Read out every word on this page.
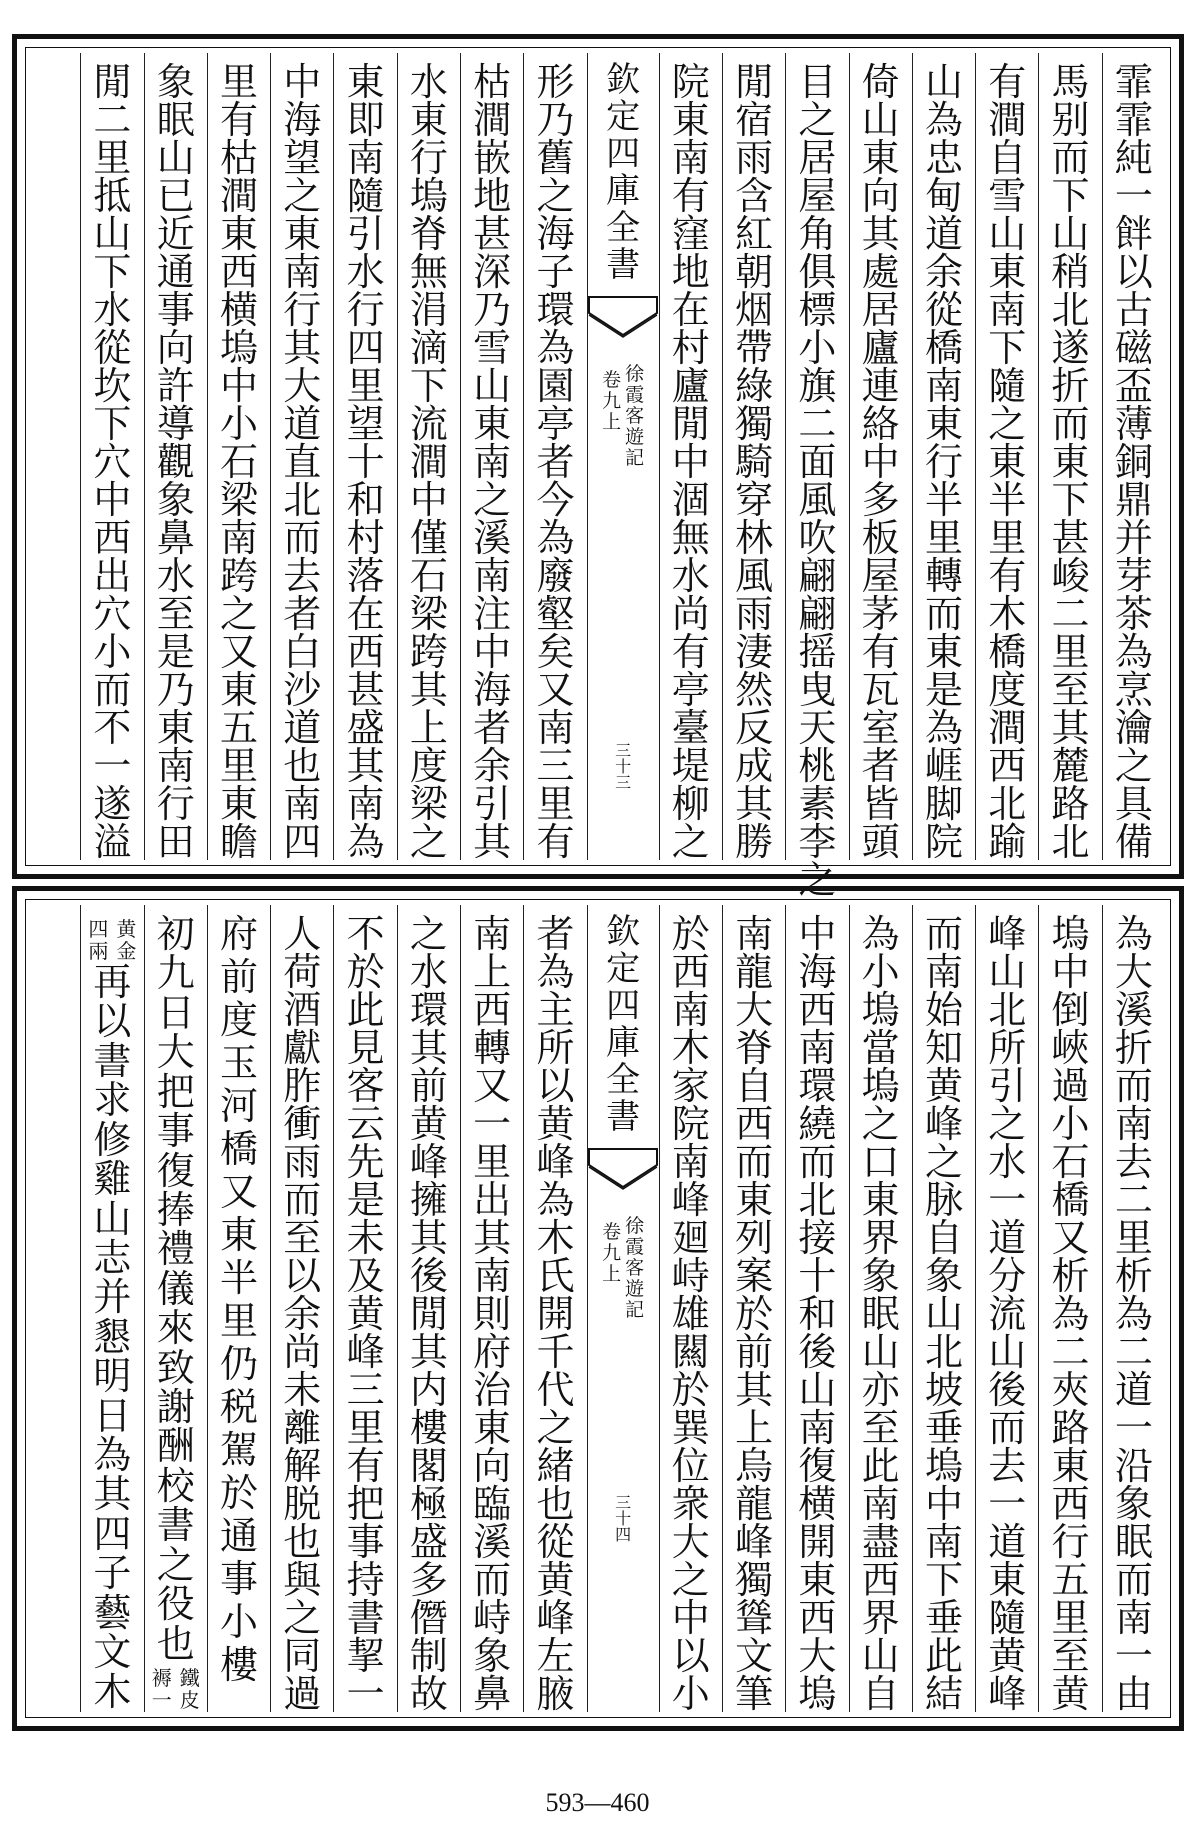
霏
霏
純
一
䬳
以
古
磁
盃
薄
銅
鼎
并
芽
茶
為
烹
瀹
之
具
備
馬
别
而
下
山
稍
北
遂
折
而
東
下
甚
峻
二
里
至
其
麓
路
北
有
澗
自
雪
山
東
南
下
隨
之
東
半
里
有
木
橋
度
澗
西
北
踰
山
為
忠
甸
道
余
從
橋
南
東
行
半
里
轉
而
東
是
為
崕
脚
院
倚
山
東
向
其
處
居
廬
連
絡
中
多
板
屋
茅
有
瓦
室
者
皆
頭
目
之
居
屋
角
俱
標
小
旗
二
面
風
吹
翩
翩
摇
曳
天
桃
素
李
之
閒
宿
雨
含
紅
朝
烟
帶
綠
獨
騎
穿
林
風
雨
淒
然
反
成
其
勝
院
東
南
有
窪
地
在
村
廬
閒
中
涸
無
水
尚
有
亭
臺
堤
柳
之
欽
定
四
庫
全
書
徐
霞
客
遊
記
卷
九
上
三
十
三
形
乃
舊
之
海
子
環
為
園
亭
者
今
為
廢
壑
矣
又
南
三
里
有
枯
澗
嵌
地
甚
深
乃
雪
山
東
南
之
溪
南
注
中
海
者
余
引
其
水
東
行
塢
脊
無
涓
滴
下
流
澗
中
僅
石
梁
跨
其
上
度
梁
之
東
即
南
隨
引
水
行
四
里
望
十
和
村
落
在
西
甚
盛
其
南
為
中
海
望
之
東
南
行
其
大
道
直
北
而
去
者
白
沙
道
也
南
四
里
有
枯
澗
東
西
横
塢
中
小
石
梁
南
跨
之
又
東
五
里
東
瞻
象
眠
山
已
近
通
事
向
許
導
觀
象
鼻
水
至
是
乃
東
南
行
田
閒
二
里
抵
山
下
水
從
坎
下
穴
中
西
出
穴
小
而
不
一
遂
溢
為
大
溪
折
而
南
去
二
里
析
為
二
道
一
沿
象
眠
而
南
一
由
塢
中
倒
峽
過
小
石
橋
又
析
為
二
夾
路
東
西
行
五
里
至
黄
峰
山
北
所
引
之
水
一
道
分
流
山
後
而
去
一
道
東
隨
黄
峰
而
南
始
知
黄
峰
之
脉
自
象
山
北
坡
垂
塢
中
南
下
垂
此
結
為
小
塢
當
塢
之
口
東
界
象
眠
山
亦
至
此
南
盡
西
界
山
自
中
海
西
南
環
繞
而
北
接
十
和
後
山
南
復
横
開
東
西
大
塢
南
龍
大
脊
自
西
而
東
列
案
於
前
其
上
烏
龍
峰
獨
聳
文
筆
於
西
南
木
家
院
南
峰
廻
峙
雄
闗
於
巽
位
衆
大
之
中
以
小
欽
定
四
庫
全
書
徐
霞
客
遊
記
卷
九
上
三
十
四
者
為
主
所
以
黄
峰
為
木
氏
開
千
代
之
緒
也
從
黄
峰
左
腋
南
上
西
轉
又
一
里
出
其
南
則
府
治
東
向
臨
溪
而
峙
象
鼻
之
水
環
其
前
黄
峰
擁
其
後
閒
其
内
樓
閣
極
盛
多
僭
制
故
不
於
此
見
客
云
先
是
未
及
黄
峰
三
里
有
把
事
持
書
挈
一
人
荷
酒
獻
胙
衝
雨
而
至
以
余
尚
未
離
解
脱
也
與
之
同
過
府
前
度
玉
河
橋
又
東
半
里
仍
税
駕
於
通
事
小
樓
初
九
日
大
把
事
復
捧
禮
儀
來
致
謝
酬
校
書
之
役
也
鐵
皮
褥
一
黄
金
四
兩
再
以
書
求
修
雞
山
志
并
懇
明
日
為
其
四
子
藝
文
木
593—460
